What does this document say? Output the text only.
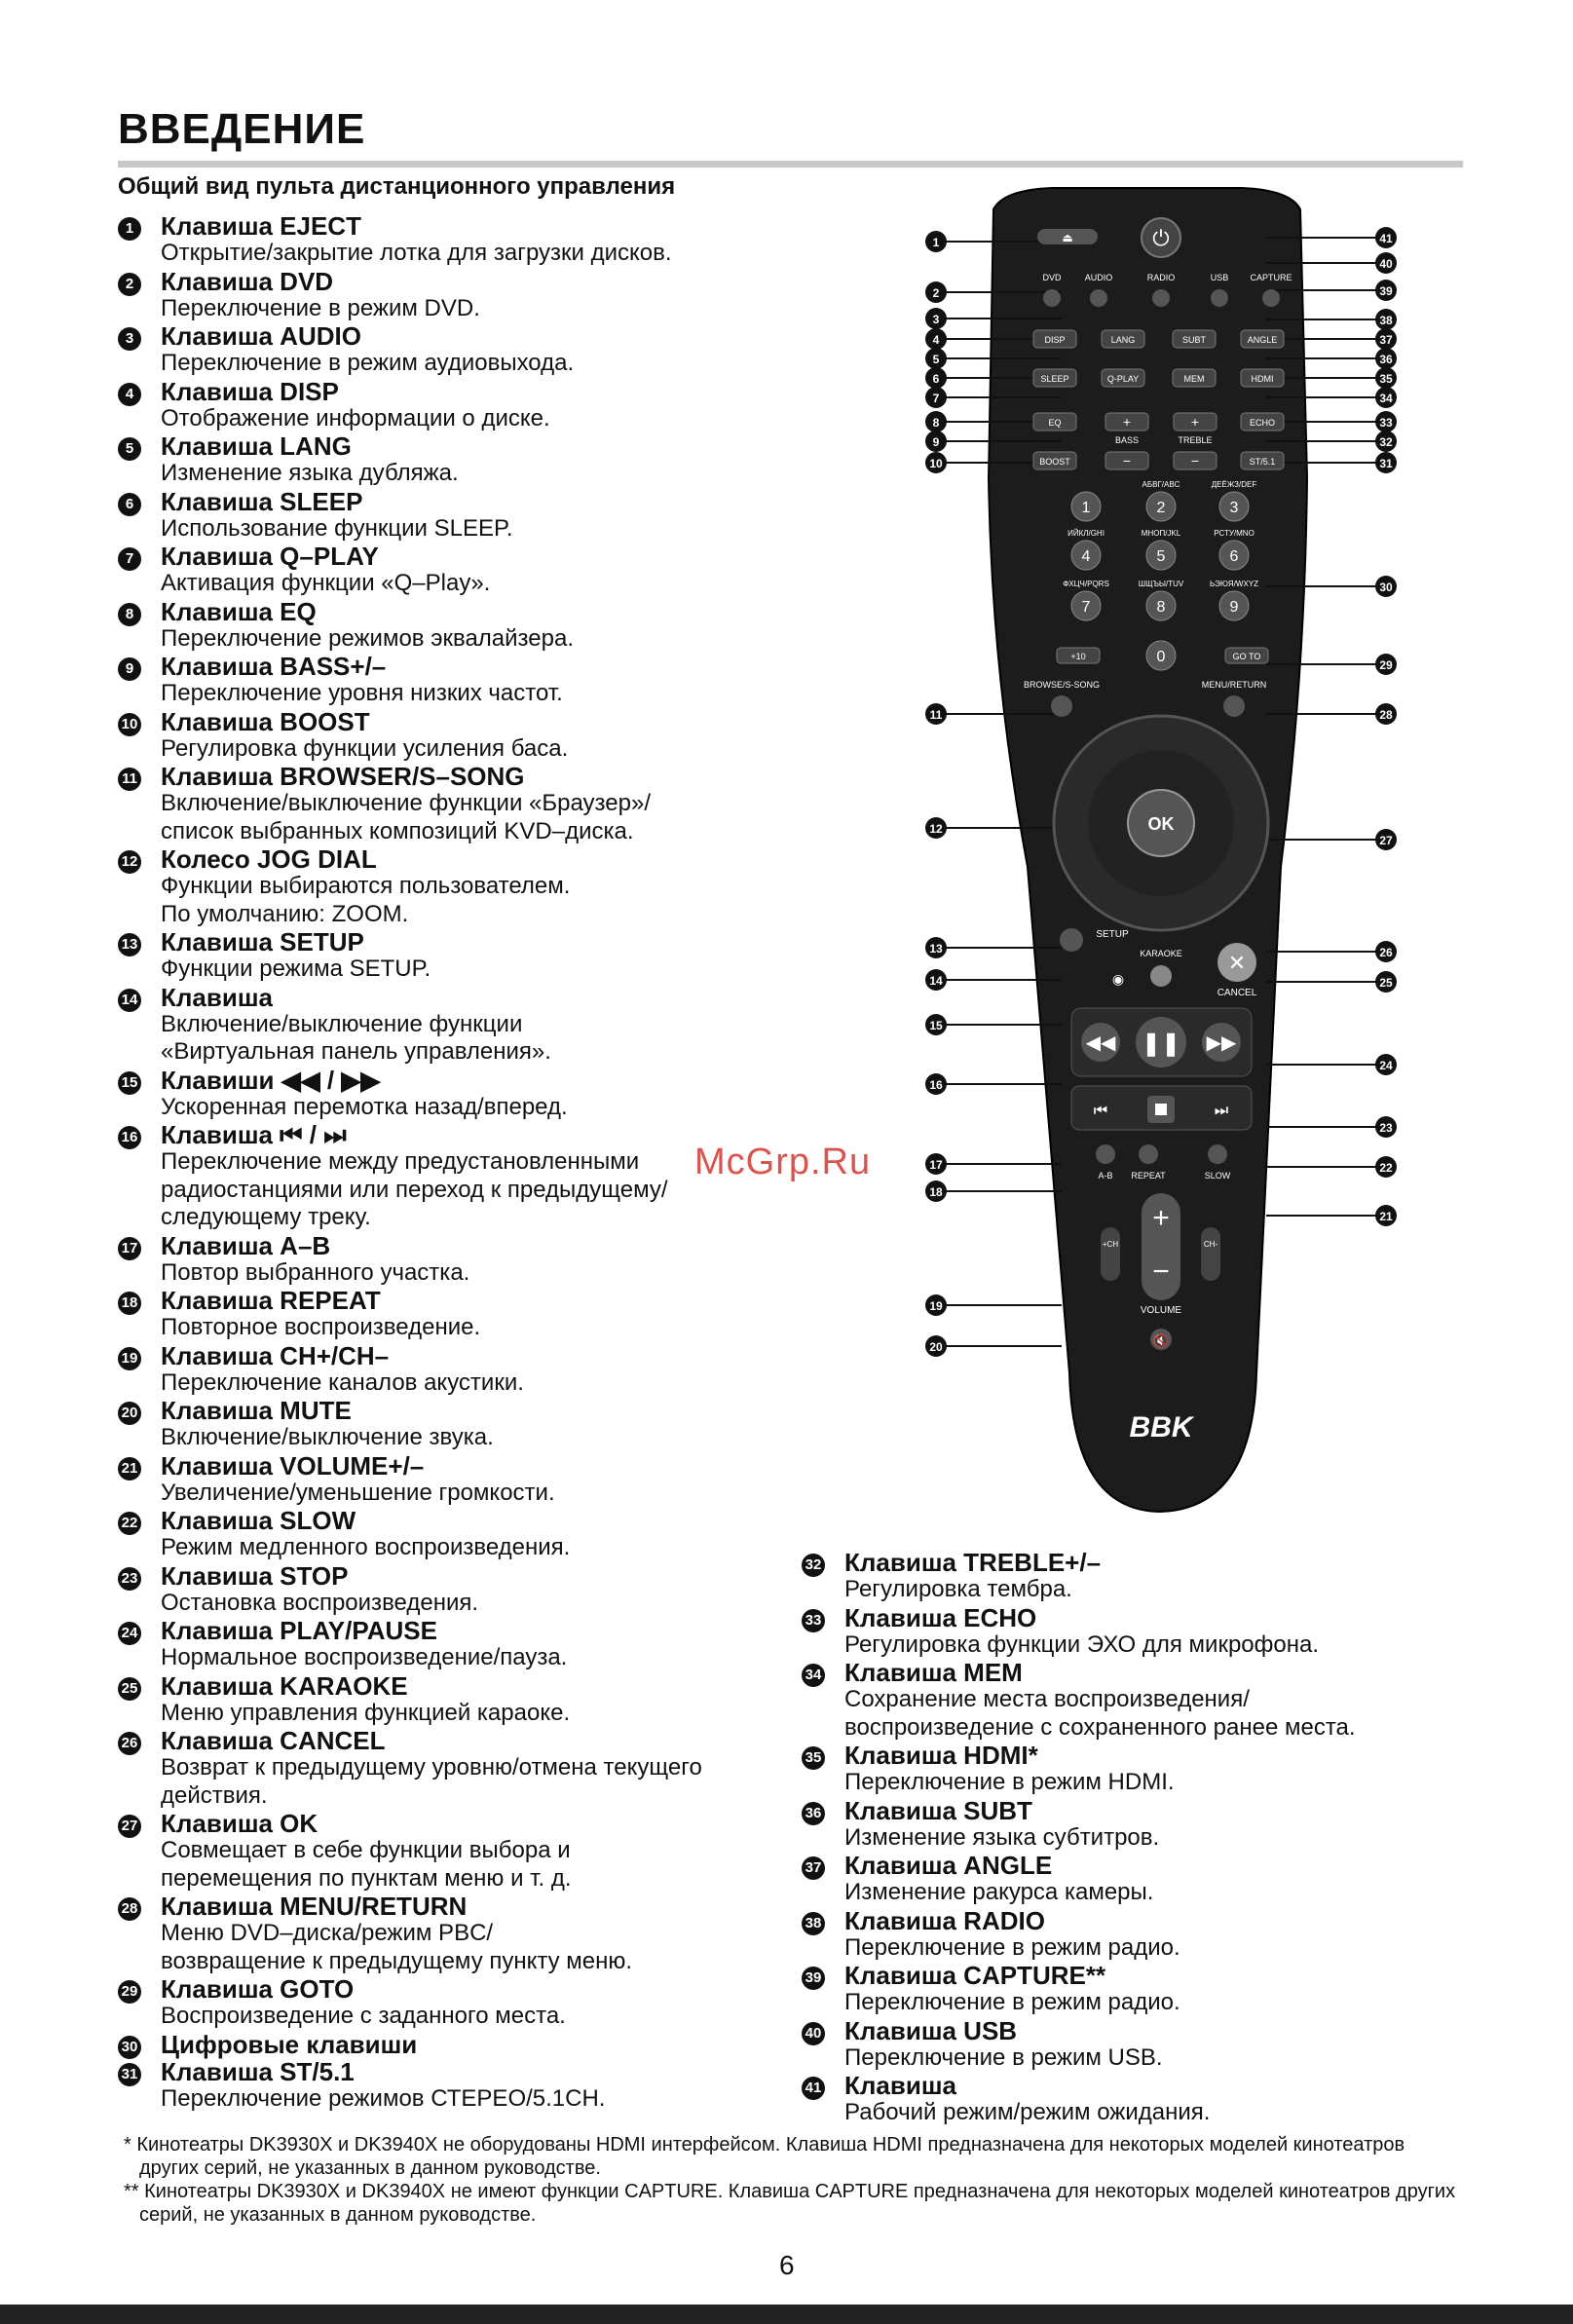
ВВЕДЕНИЕ
Общий вид пульта дистанционного управления
1	Клавиша EJECT
Открытие/закрытие лотка для загрузки дисков.
2	Клавиша DVD
Переключение в режим DVD.
3	Клавиша AUDIO
Переключение в режим аудиовыхода.
4	Клавиша DISP
Отображение информации о диске.
5	Клавиша LANG
Изменение языка дубляжа.
6	Клавиша SLEEP
Использование функции SLEEP.
7	Клавиша Q–PLAY
Активация функции «Q–Play».
8	Клавиша EQ
Переключение режимов эквалайзера.
9	Клавиша BASS+/–
Переключение уровня низких частот.
10 Клавиша BOOST
Регулировка функции усиления баса.
11 Клавиша BROWSER/S–SONG
Включение/выключение функции «Браузер»/
список выбранных композиций KVD–диска.
12 Колесо JOG DIAL
Функции выбираются пользователем.
По умолчанию: ZOOM.
13 Клавиша SETUP
Функции режима SETUP.
14 Клавиша
Включение/выключение функции
«Виртуальная панель управления».
15 Клавиши ◀◀ / ▶▶
Ускоренная перемотка назад/вперед.
16 Клавиша ⏮ / ⏭
Переключение между предустановленными
радиостанциями или переход к предыдущему/
следующему треку.
17 Клавиша A–B
Повтор выбранного участка.
18 Клавиша REPEAT
Повторное воспроизведение.
19 Клавиша CH+/CH–
Переключение каналов акустики.
20 Клавиша MUTE
Включение/выключение звука.
21 Клавиша VOLUME+/–
Увеличение/уменьшение громкости.
22 Клавиша SLOW
Режим медленного воспроизведения.
23 Клавиша STOP
Остановка воспроизведения.
24 Клавиша PLAY/PAUSE
Нормальное воспроизведение/пауза.
25 Клавиша KARAOKE
Меню управления функцией караоке.
26 Клавиша CANCEL
Возврат к предыдущему уровню/отмена текущего
действия.
27 Клавиша OK
Совмещает в себе функции выбора и
перемещения по пунктам меню и т. д.
28 Клавиша MENU/RETURN
Меню DVD–диска/режим PBC/
возвращение к предыдущему пункту меню.
29 Клавиша GOTO
Воспроизведение с заданного места.
30 Цифровые клавиши
31 Клавиша ST/5.1
Переключение режимов СТЕРЕО/5.1CH.
32 Клавиша TREBLE+/–
Регулировка тембра.
33 Клавиша ECHO
Регулировка функции ЭХО для микрофона.
34 Клавиша MEM
Сохранение места воспроизведения/
воспроизведение с сохраненного ранее места.
35 Клавиша HDMI*
Переключение в режим HDMI.
36 Клавиша SUBT
Изменение языка субтитров.
37 Клавиша ANGLE
Изменение ракурса камеры.
38 Клавиша RADIO
Переключение в режим радио.
39 Клавиша CAPTURE**
Переключение в режим радио.
40 Клавиша USB
Переключение в режим USB.
41 Клавиша
Рабочий режим/режим ожидания.
1
2
3
4
5
6
7
8
9
10
11
12
13
14
15
16
17
18
19
20
41
40
39
38
37
36
35
34
33
32
31
30
29
28
27
26
25
24
23
22
21
⏏	⏻
DVD	AUDIO	RADIO	USB CAPTURE
DISP	LANG	SUBT	ANGLE
SLEEP	Q-PLAY	MEM	HDMI
EQ	ECHO
BOOST	ST/5.1
+
−
+
−
BASS	TREBLE
1	2
АБВГ/ABC
3
ДЕЁЖЗ/DEF
4
ИЙКЛ/GHI
5
МНОП/JKL
6
РСТУ/MNO
7
ФХЦЧ/PQRS
8
ШЩЪЫ/TUV
9
ЬЭЮЯ/WXYZ
0
+10	GO TO
BROWSE/S-SONG	MENU/RETURN
OK
SETUP
KARAOKE ✕
CANCEL
◉
◀◀ ❚❚ ▶▶
⏮	⏭
A-B REPEAT	SLOW
+
−
+CH	CH-
VOLUME
🔇
BBK
McGrp.Ru
* Кинотеатры DK3930X и DK3940X не оборудованы HDMI интерфейсом. Клавиша HDMI предназначена для некоторых моделей кинотеатров других серий, не указанных в данном руководстве.
** Кинотеатры DK3930X и DK3940X не имеют функции CAPTURE. Клавиша CAPTURE предназначена для некоторых моделей кинотеатров других серий, не указанных в данном руководстве.
6
